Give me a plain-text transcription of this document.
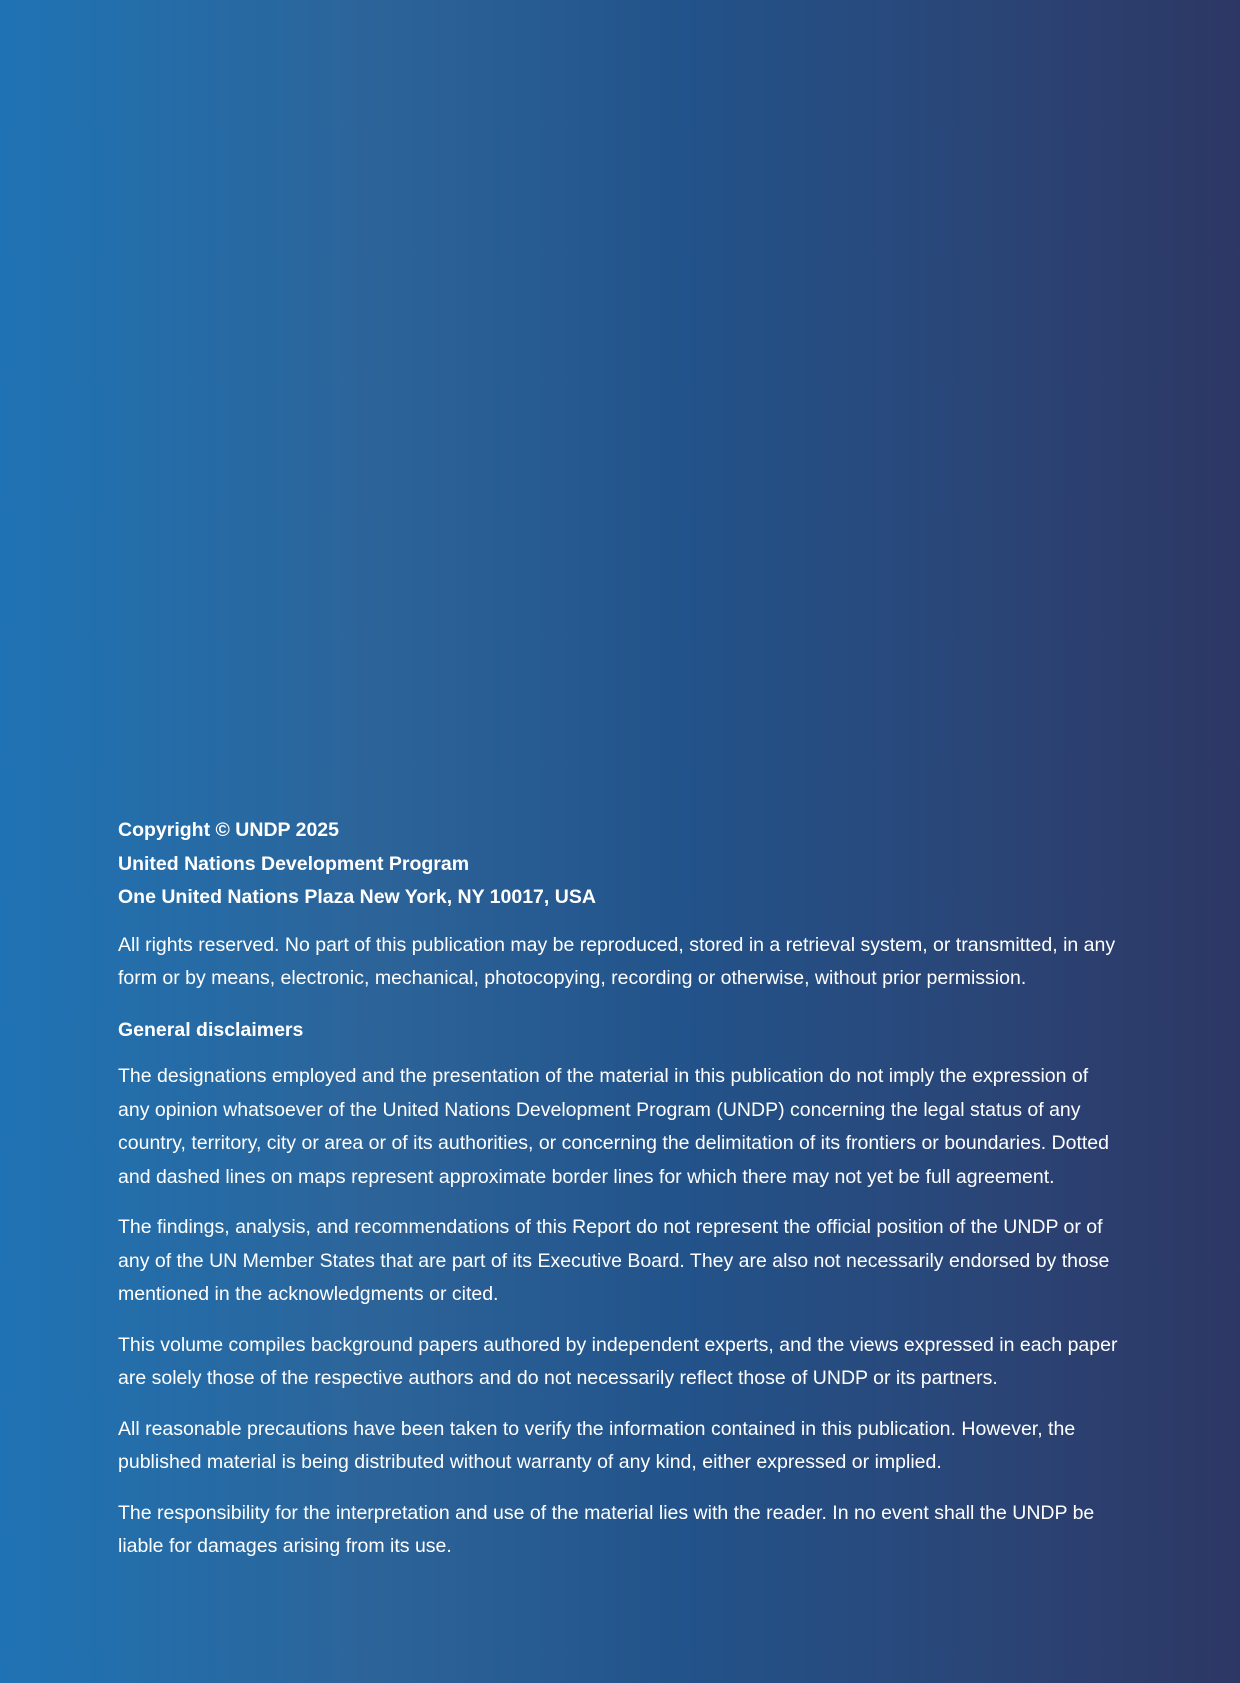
Copyright © UNDP 2025

United Nations Development Program

One United Nations Plaza New York, NY 10017, USA

All rights reserved. No part of this publication may be reproduced, stored in a retrieval system, or transmitted, in any form or by means, electronic, mechanical, photocopying, recording or otherwise, without prior permission.

General disclaimers

The designations employed and the presentation of the material in this publication do not imply the expression of any opinion whatsoever of the United Nations Development Program (UNDP) concerning the legal status of any country, territory, city or area or of its authorities, or concerning the delimitation of its frontiers or boundaries. Dotted and dashed lines on maps represent approximate border lines for which there may not yet be full agreement.

The findings, analysis, and recommendations of this Report do not represent the official position of the UNDP or of any of the UN Member States that are part of its Executive Board. They are also not necessarily endorsed by those mentioned in the acknowledgments or cited.

This volume compiles background papers authored by independent experts, and the views expressed in each paper are solely those of the respective authors and do not necessarily reflect those of UNDP or its partners.

All reasonable precautions have been taken to verify the information contained in this publication. However, the published material is being distributed without warranty of any kind, either expressed or implied.

The responsibility for the interpretation and use of the material lies with the reader. In no event shall the UNDP be liable for damages arising from its use.
